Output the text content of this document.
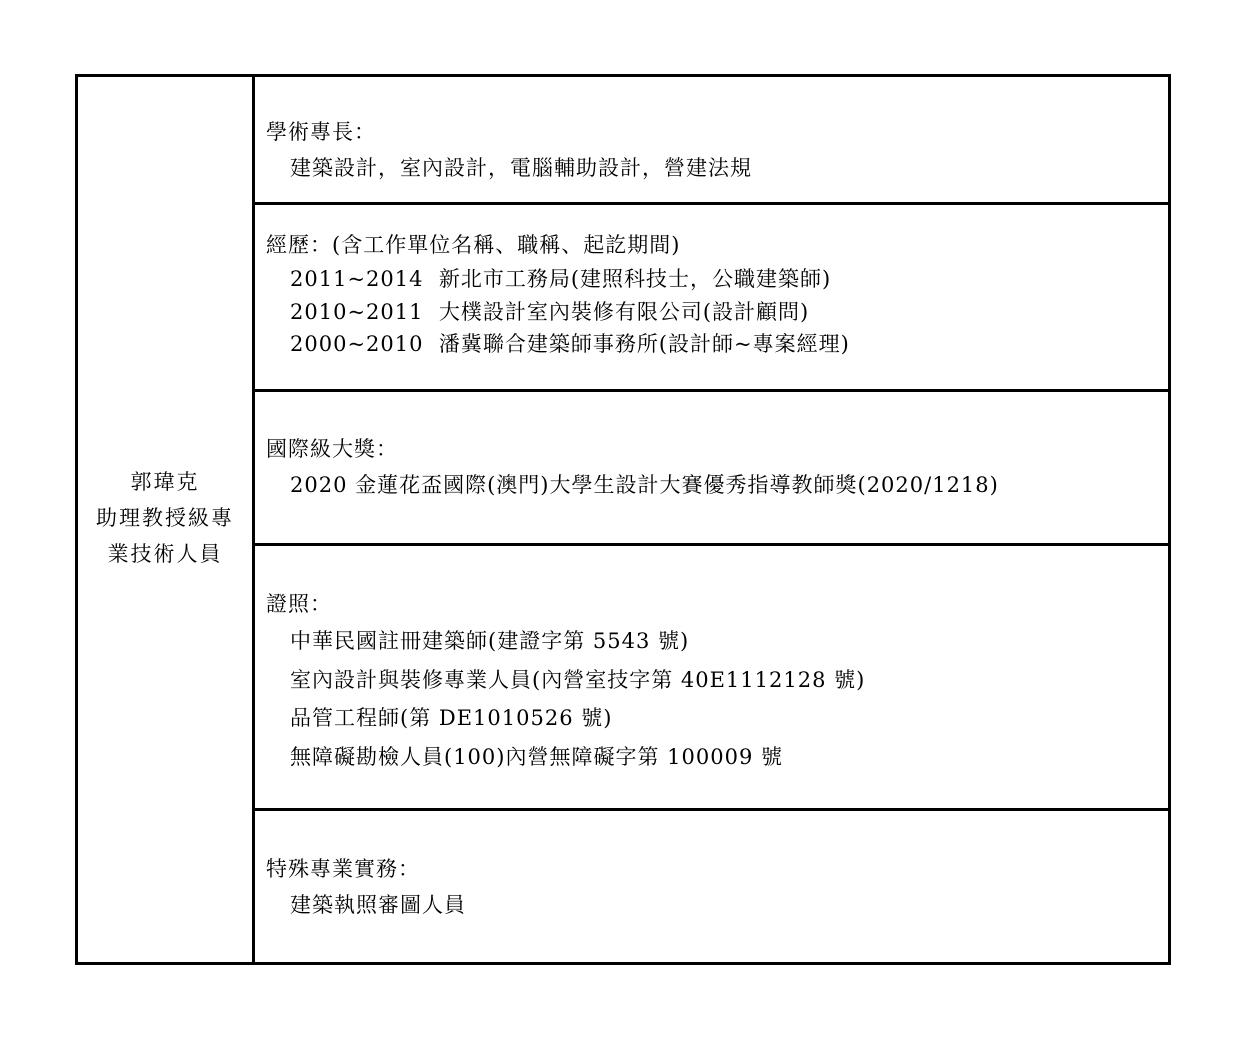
郭瑋克
助理教授級專
業技術人員
學術專長：
建築設計，室內設計，電腦輔助設計，營建法規
經歷：(含工作單位名稱、職稱、起訖期間)
2011~2014  新北市工務局(建照科技士，公職建築師)
2010~2011  大樸設計室內裝修有限公司(設計顧問)
2000~2010  潘冀聯合建築師事務所(設計師~專案經理)
國際級大獎：
2020 金蓮花盃國際(澳門)大學生設計大賽優秀指導教師獎(2020/1218)
證照：
中華民國註冊建築師(建證字第 5543 號)
室內設計與裝修專業人員(內營室技字第 40E1112128 號)
品管工程師(第 DE1010526 號)
無障礙勘檢人員(100)內營無障礙字第 100009 號
特殊專業實務：
建築執照審圖人員
